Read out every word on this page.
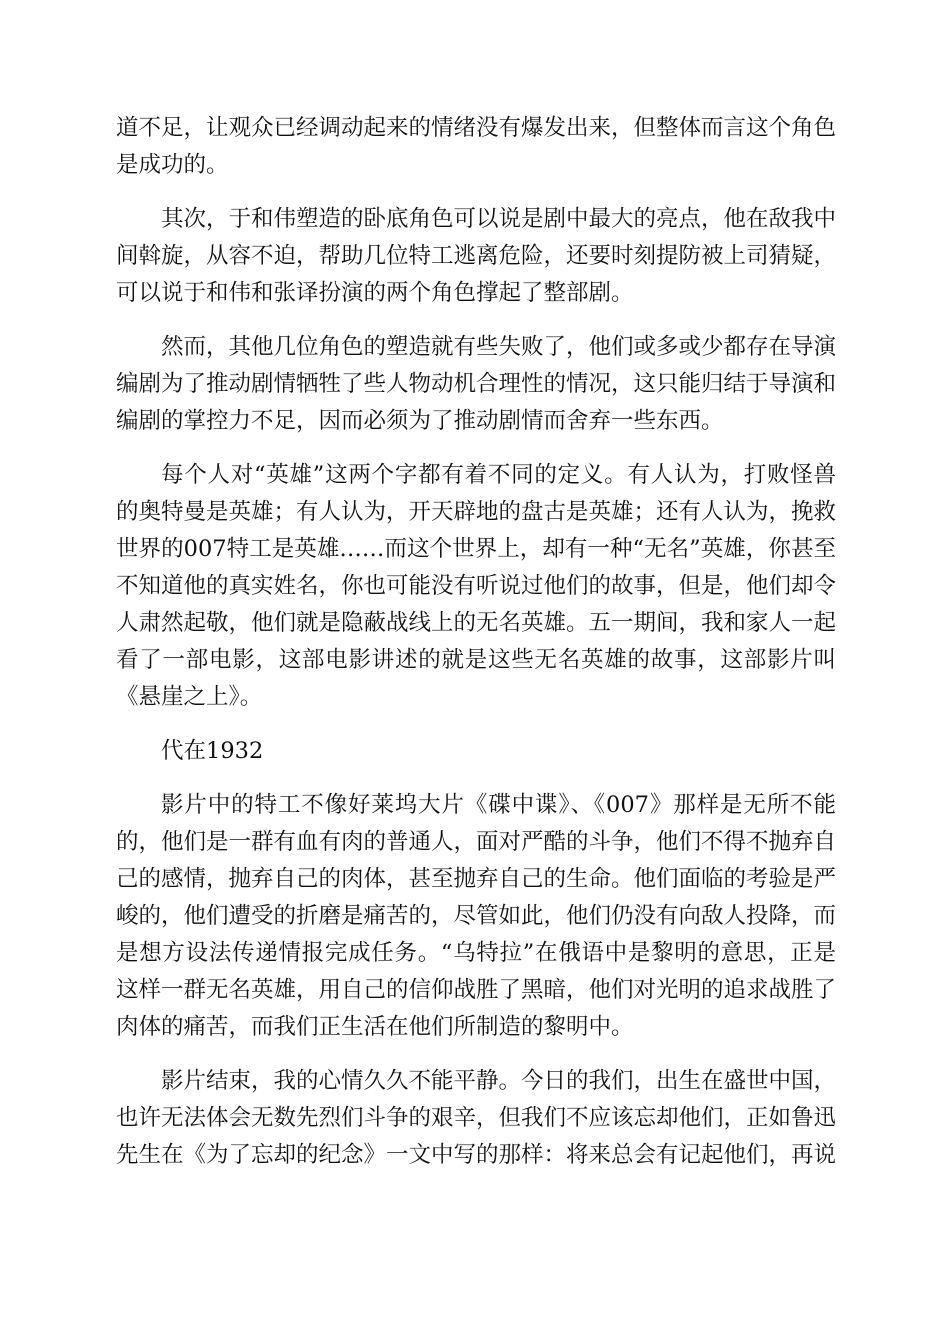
道不足，让观众已经调动起来的情绪没有爆发出来，但整体而言这个角色是成功的。

其次，于和伟塑造的卧底角色可以说是剧中最大的亮点，他在敌我中间斡旋，从容不迫，帮助几位特工逃离危险，还要时刻提防被上司猜疑，可以说于和伟和张译扮演的两个角色撑起了整部剧。

然而，其他几位角色的塑造就有些失败了，他们或多或少都存在导演编剧为了推动剧情牺牲了些人物动机合理性的情况，这只能归结于导演和编剧的掌控力不足，因而必须为了推动剧情而舍弃一些东西。

每个人对“英雄”这两个字都有着不同的定义。有人认为，打败怪兽的奥特曼是英雄；有人认为，开天辟地的盘古是英雄；还有人认为，挽救世界的007特工是英雄……而这个世界上，却有一种“无名”英雄，你甚至不知道他的真实姓名，你也可能没有听说过他们的故事，但是，他们却令人肃然起敬，他们就是隐蔽战线上的无名英雄。五一期间，我和家人一起看了一部电影，这部电影讲述的就是这些无名英雄的故事，这部影片叫《悬崖之上》。

代在1932

影片中的特工不像好莱坞大片《碟中谍》、《007》那样是无所不能的，他们是一群有血有肉的普通人，面对严酷的斗争，他们不得不抛弃自己的感情，抛弃自己的肉体，甚至抛弃自己的生命。他们面临的考验是严峻的，他们遭受的折磨是痛苦的，尽管如此，他们仍没有向敌人投降，而是想方设法传递情报完成任务。“乌特拉”在俄语中是黎明的意思，正是这样一群无名英雄，用自己的信仰战胜了黑暗，他们对光明的追求战胜了肉体的痛苦，而我们正生活在他们所制造的黎明中。

影片结束，我的心情久久不能平静。今日的我们，出生在盛世中国，也许无法体会无数先烈们斗争的艰辛，但我们不应该忘却他们，正如鲁迅先生在《为了忘却的纪念》一文中写的那样：将来总会有记起他们，再说
